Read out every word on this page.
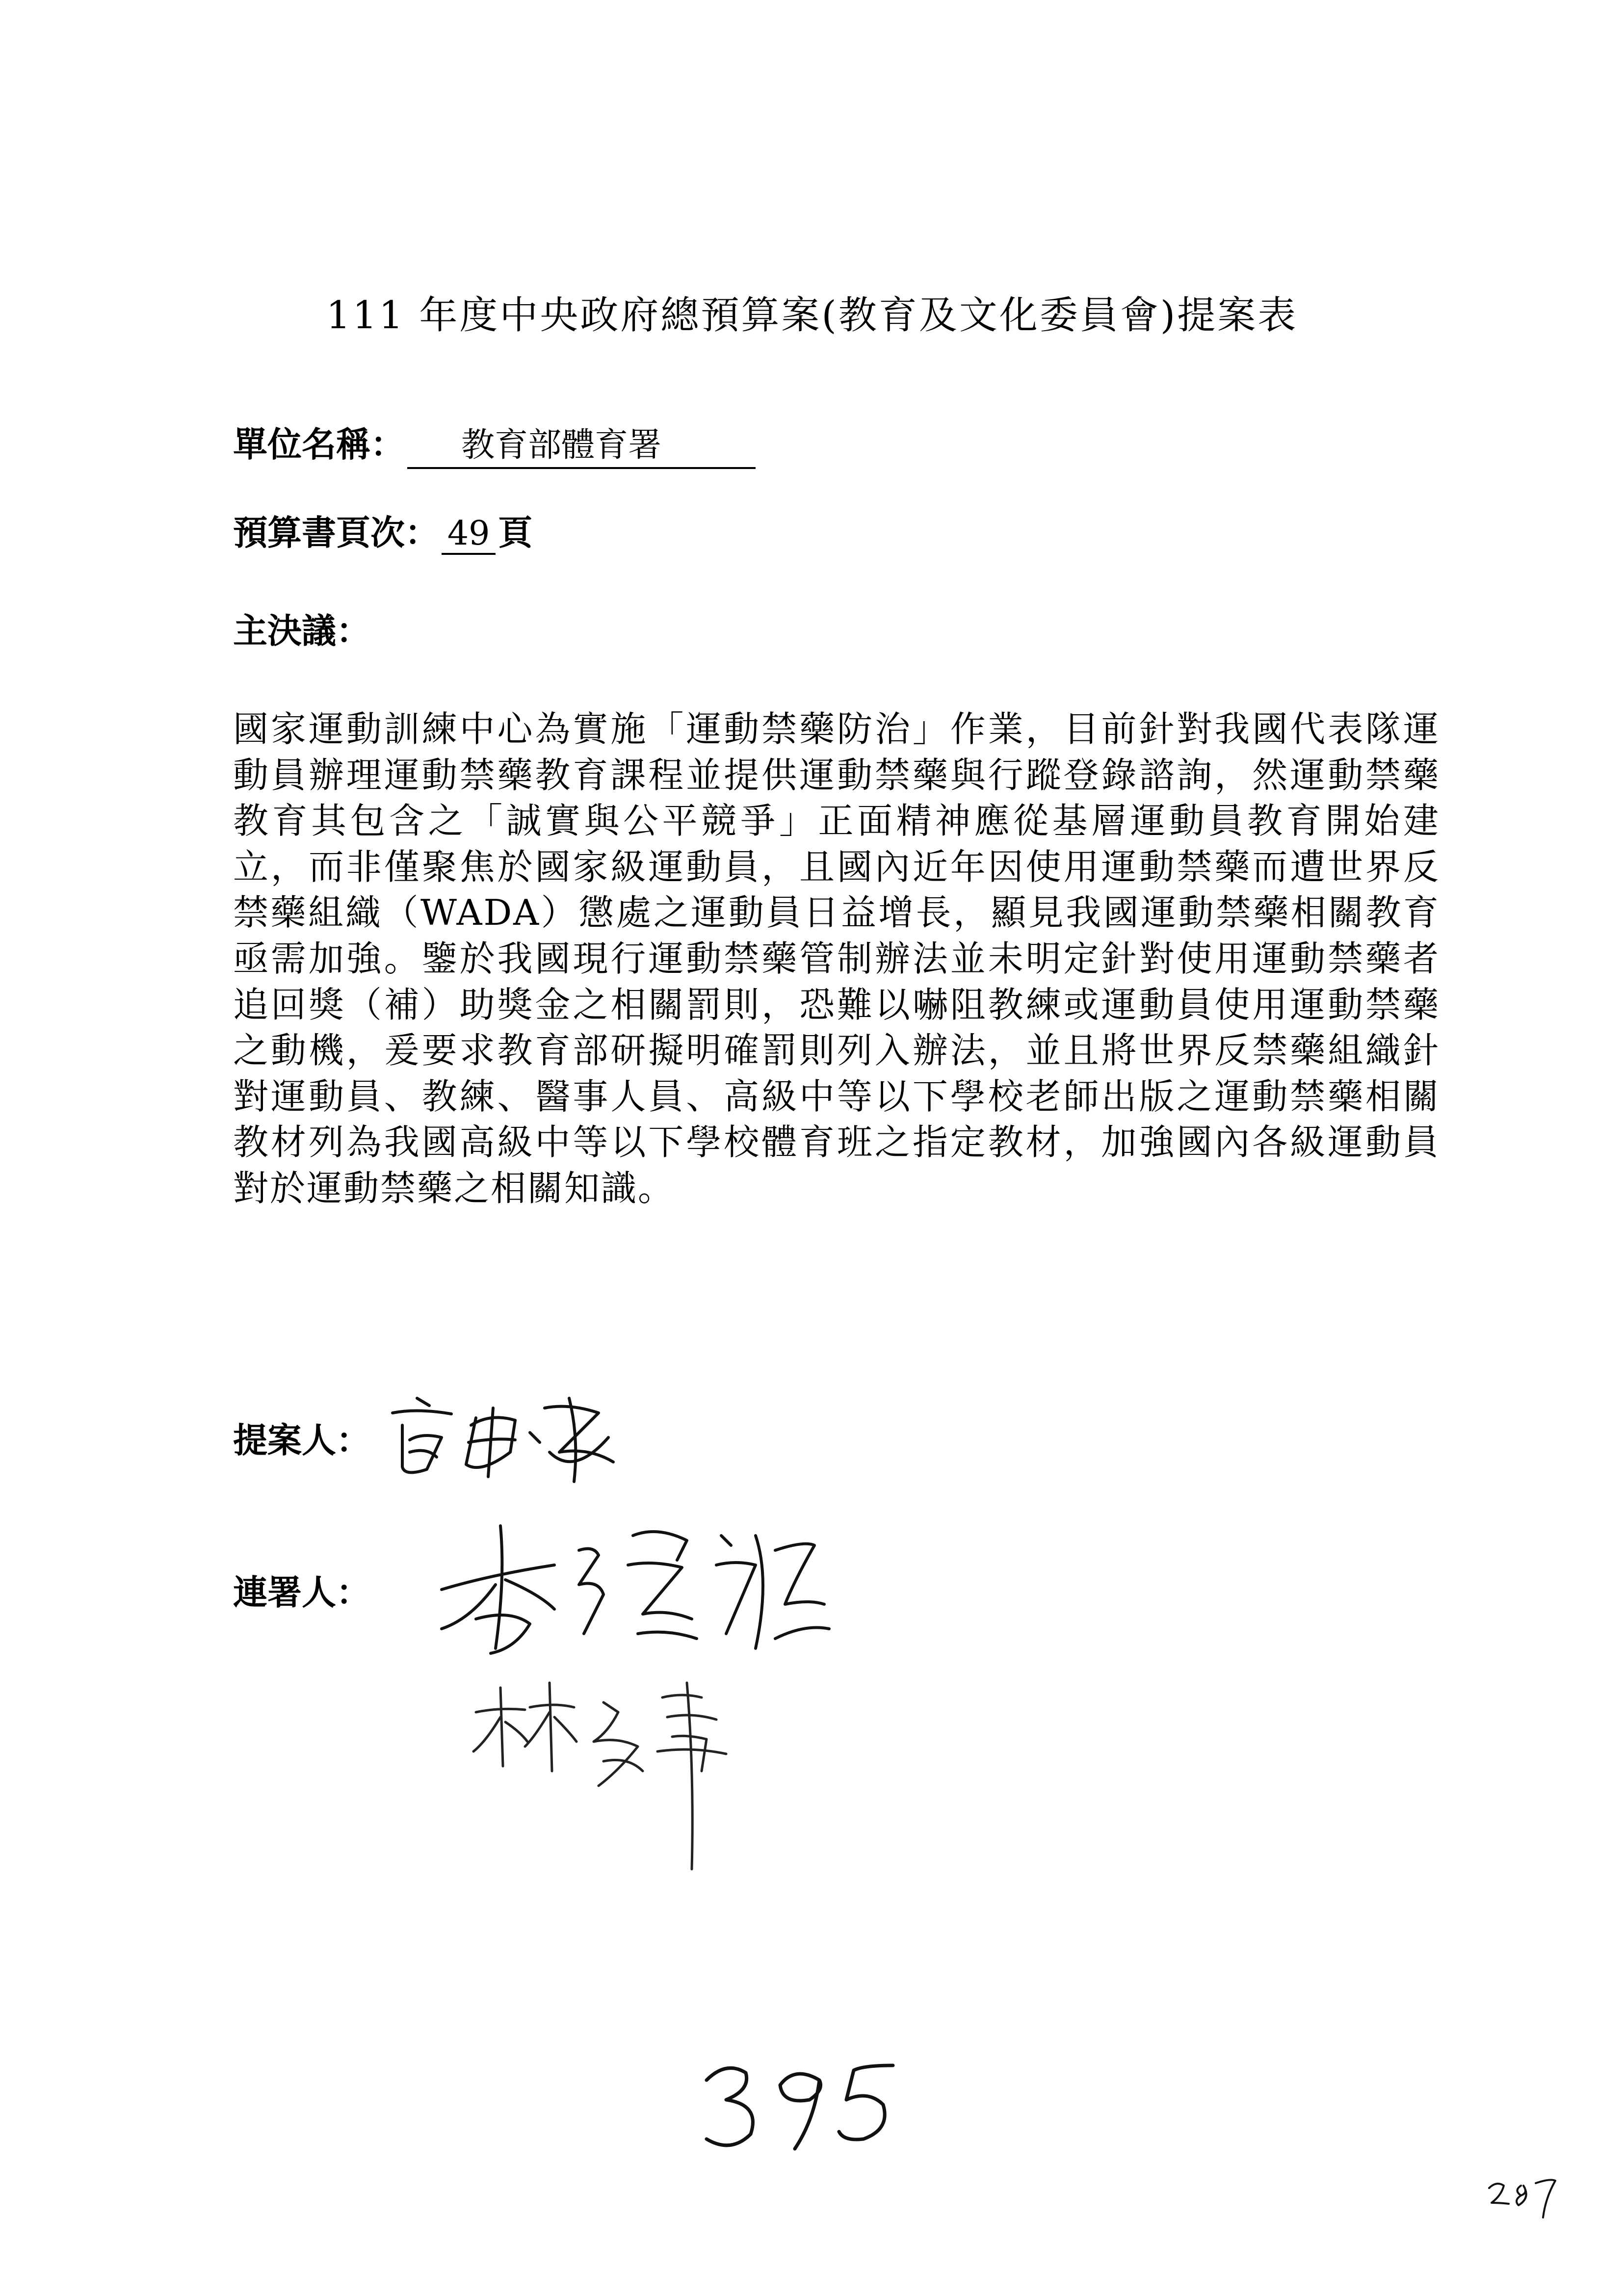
111 年度中央政府總預算案(教育及文化委員會)提案表
單位名稱： 教育部體育署
預算書頁次： 49 頁
主決議：

國家運動訓練中心為實施「運動禁藥防治」作業，目前針對我國代表隊運動員辦理運動禁藥教育課程並提供運動禁藥與行蹤登錄諮詢，然運動禁藥教育其包含之「誠實與公平競爭」正面精神應從基層運動員教育開始建立，而非僅聚焦於國家級運動員，且國內近年因使用運動禁藥而遭世界反禁藥組織（WADA）懲處之運動員日益增長，顯見我國運動禁藥相關教育亟需加強。鑒於我國現行運動禁藥管制辦法並未明定針對使用運動禁藥者追回獎（補）助獎金之相關罰則，恐難以嚇阻教練或運動員使用運動禁藥之動機，爰要求教育部研擬明確罰則列入辦法，並且將世界反禁藥組織針對運動員、教練、醫事人員、高級中等以下學校老師出版之運動禁藥相關教材列為我國高級中等以下學校體育班之指定教材，加強國內各級運動員對於運動禁藥之相關知識。

提案人：
連署人：
